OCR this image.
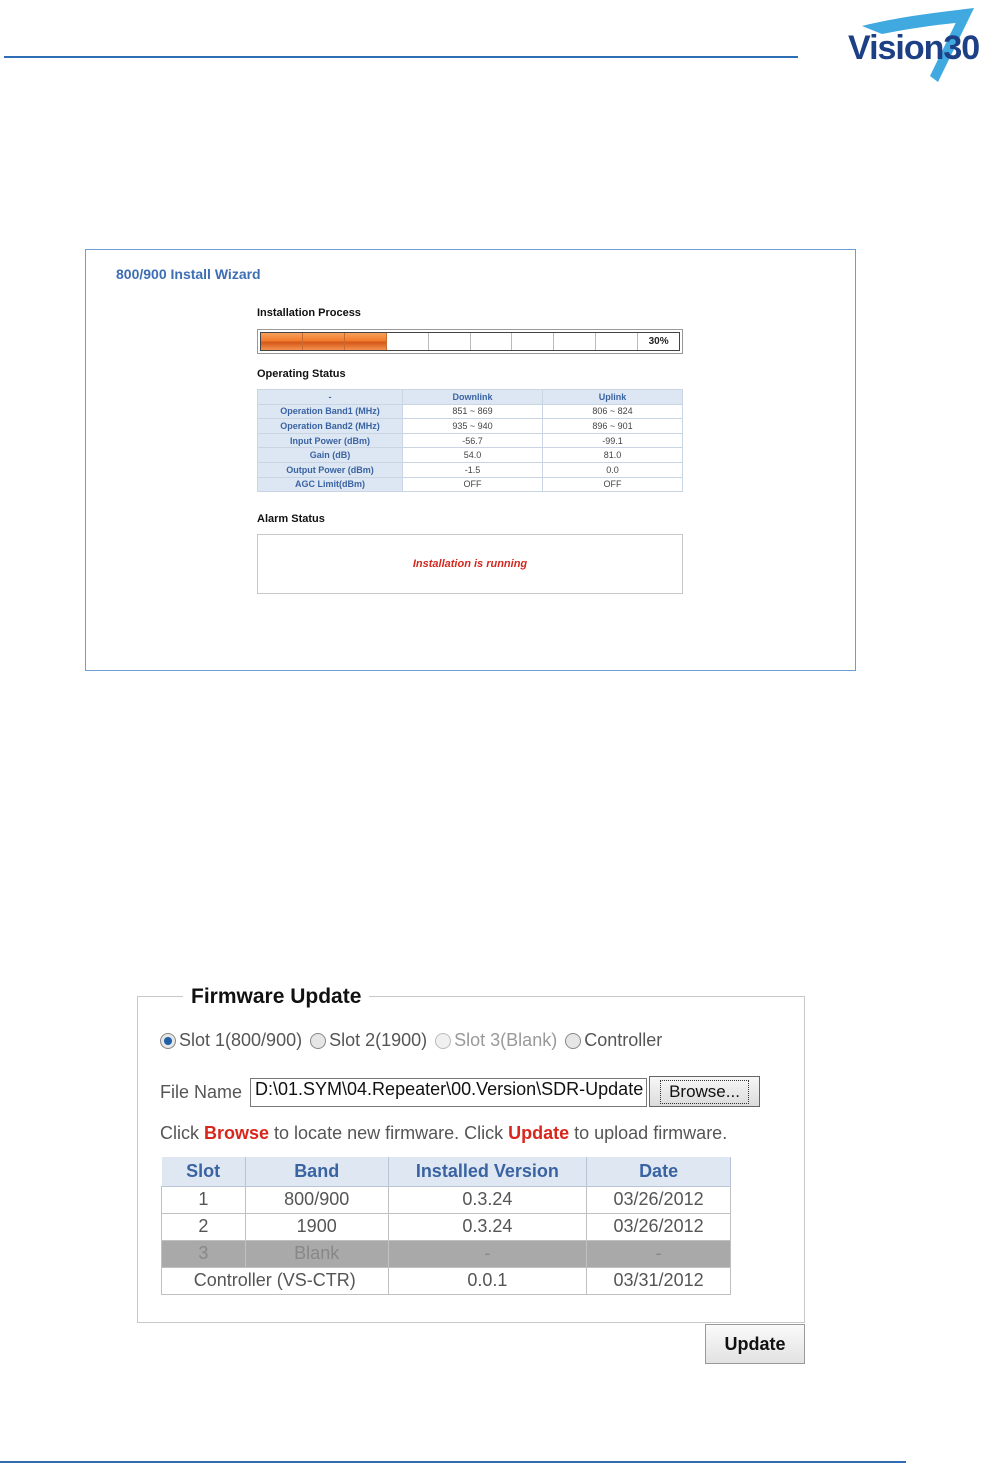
Vision30
800/900 Install Wizard
Installation Process
30%
Operating Status
-	Downlink	Uplink
Operation Band1 (MHz)	851 ~ 869	806 ~ 824
Operation Band2 (MHz)	935 ~ 940	896 ~ 901
Input Power (dBm)	-56.7	-99.1
Gain (dB)	54.0	81.0
Output Power (dBm)	-1.5	0.0
AGC Limit(dBm)	OFF	OFF
Alarm Status
Installation is running
Firmware Update
Slot 1(800/900) Slot 2(1900) Slot 3(Blank) Controller
File Name D:\01.SYM\04.Repeater\00.Version\SDR-Update	Browse...
Click Browse to locate new firmware. Click Update to upload firmware.
Slot	Band	Installed Version	Date
1	800/900	0.3.24	03/26/2012
2	1900	0.3.24	03/26/2012
3	Blank	-	-
Controller (VS-CTR)		0.0.1	03/31/2012
Update
